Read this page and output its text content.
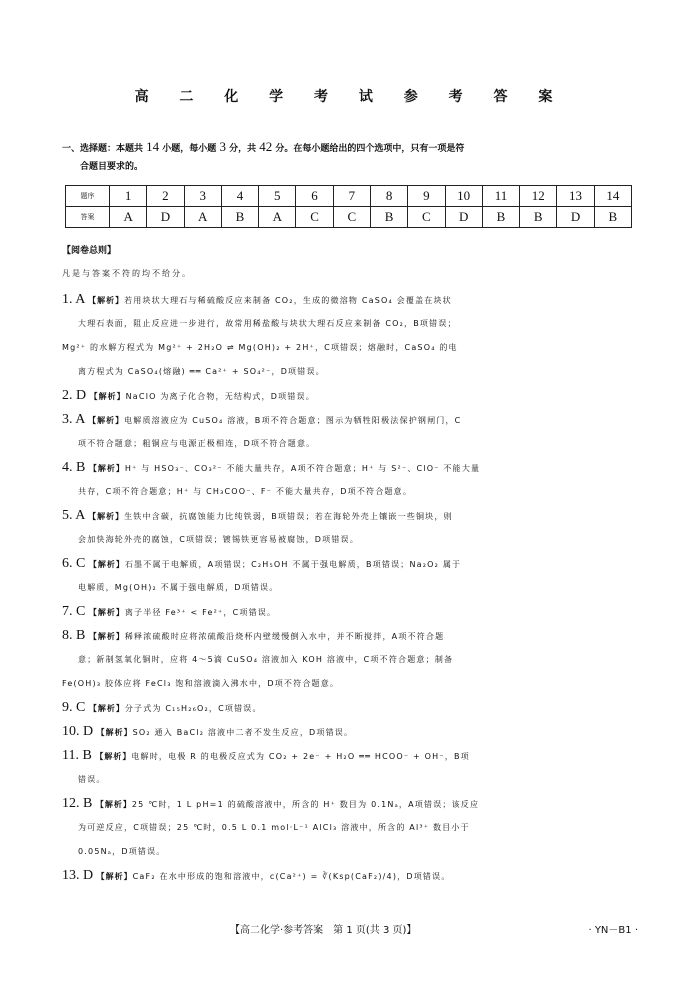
高 二 化 学 考 试 参 考 答 案
一、选择题：本题共 14 小题，每小题 3 分，共 42 分。在每小题给出的四个选项中，只有一项是符
合题目要求的。
题序	1	2	3	4	5	6	7	8	9	10	11	12	13	14
答案	A	D	A	B	A	C	C	B	C	D	B	B	D	B
【阅卷总则】
凡是与答案不符的均不给分。
1. A 【解析】若用块状大理石与稀硫酸反应来制备 CO₂，生成的微溶物 CaSO₄ 会覆盖在块状
大理石表面，阻止反应进一步进行，故常用稀盐酸与块状大理石反应来制备 CO₂，B项错误；
Mg²⁺ 的水解方程式为 Mg²⁺ + 2H₂O ⇌ Mg(OH)₂ + 2H⁺，C项错误；熔融时，CaSO₄ 的电
离方程式为 CaSO₄(熔融) ══ Ca²⁺ + SO₄²⁻，D项错误。
2. D 【解析】NaClO 为离子化合物，无结构式，D项错误。
3. A 【解析】电解质溶液应为 CuSO₄ 溶液，B项不符合题意；图示为牺牲阳极法保护钢闸门，C
项不符合题意；粗铜应与电源正极相连，D项不符合题意。
4. B 【解析】H⁺ 与 HSO₃⁻、CO₃²⁻ 不能大量共存，A项不符合题意；H⁺ 与 S²⁻、ClO⁻ 不能大量
共存，C项不符合题意；H⁺ 与 CH₃COO⁻、F⁻ 不能大量共存，D项不符合题意。
5. A 【解析】生铁中含碳，抗腐蚀能力比纯铁弱，B项错误；若在海轮外壳上镶嵌一些铜块，则
会加快海轮外壳的腐蚀，C项错误；镀锡铁更容易被腐蚀，D项错误。
6. C 【解析】石墨不属于电解质，A项错误；C₂H₅OH 不属于强电解质，B项错误；Na₂O₂ 属于
电解质，Mg(OH)₂ 不属于强电解质，D项错误。
7. C 【解析】离子半径 Fe³⁺ < Fe²⁺，C项错误。
8. B 【解析】稀释浓硫酸时应将浓硫酸沿烧杯内壁缓慢倒入水中，并不断搅拌，A项不符合题
意；新制氢氧化铜时，应将 4～5滴 CuSO₄ 溶液加入 KOH 溶液中，C项不符合题意；制备
Fe(OH)₃ 胶体应将 FeCl₃ 饱和溶液滴入沸水中，D项不符合题意。
9. C 【解析】分子式为 C₁₅H₂₆O₂，C项错误。
10. D 【解析】SO₂ 通入 BaCl₂ 溶液中二者不发生反应，D项错误。
11. B 【解析】电解时，电极 R 的电极反应式为 CO₂ + 2e⁻ + H₂O ══ HCOO⁻ + OH⁻，B项
错误。
12. B 【解析】25 ℃时，1 L pH=1 的硫酸溶液中，所含的 H⁺ 数目为 0.1Nₐ，A项错误；该反应
为可逆反应，C项错误；25 ℃时，0.5 L 0.1 mol·L⁻¹ AlCl₃ 溶液中，所含的 Al³⁺ 数目小于
0.05Nₐ，D项错误。
13. D 【解析】CaF₂ 在水中形成的饱和溶液中，c(Ca²⁺) = ∛(Ksp(CaF₂)/4)，D项错误。
【高二化学·参考答案　第 1 页(共 3 页)】	· YN－B1 ·
